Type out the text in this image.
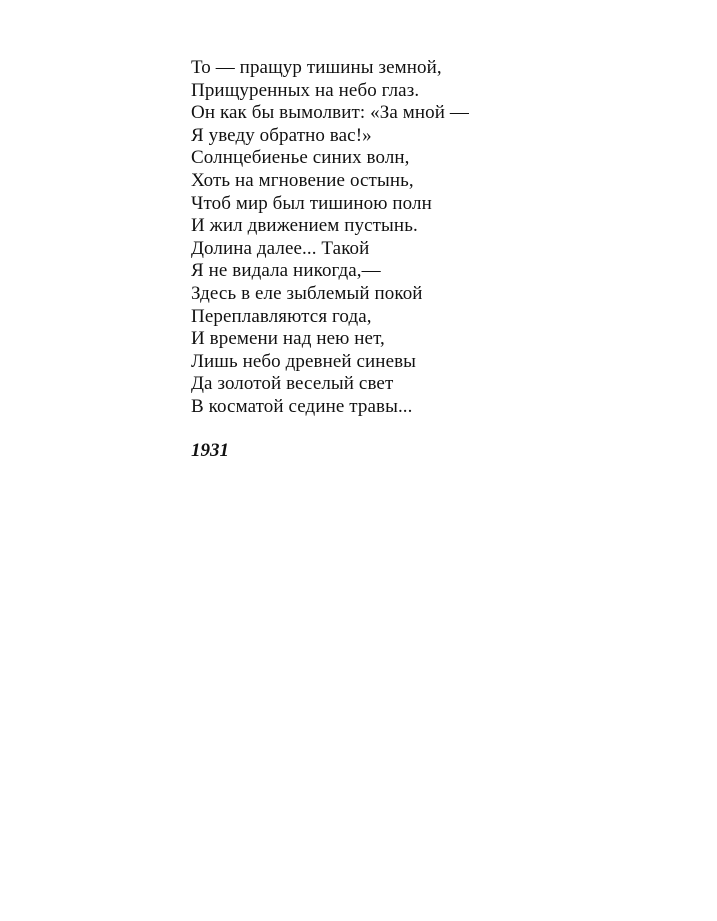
То — пращур тишины земной,
Прищуренных на небо глаз.
Он как бы вымолвит: «За мной —
Я уведу обратно вас!»
Солнцебиенье синих волн,
Хоть на мгновение остынь,
Чтоб мир был тишиною полн
И жил движением пустынь.
Долина далее... Такой
Я не видала никогда,—
Здесь в еле зыблемый покой
Переплавляются года,
И времени над нею нет,
Лишь небо древней синевы
Да золотой веселый свет
В косматой седине травы...
1931
